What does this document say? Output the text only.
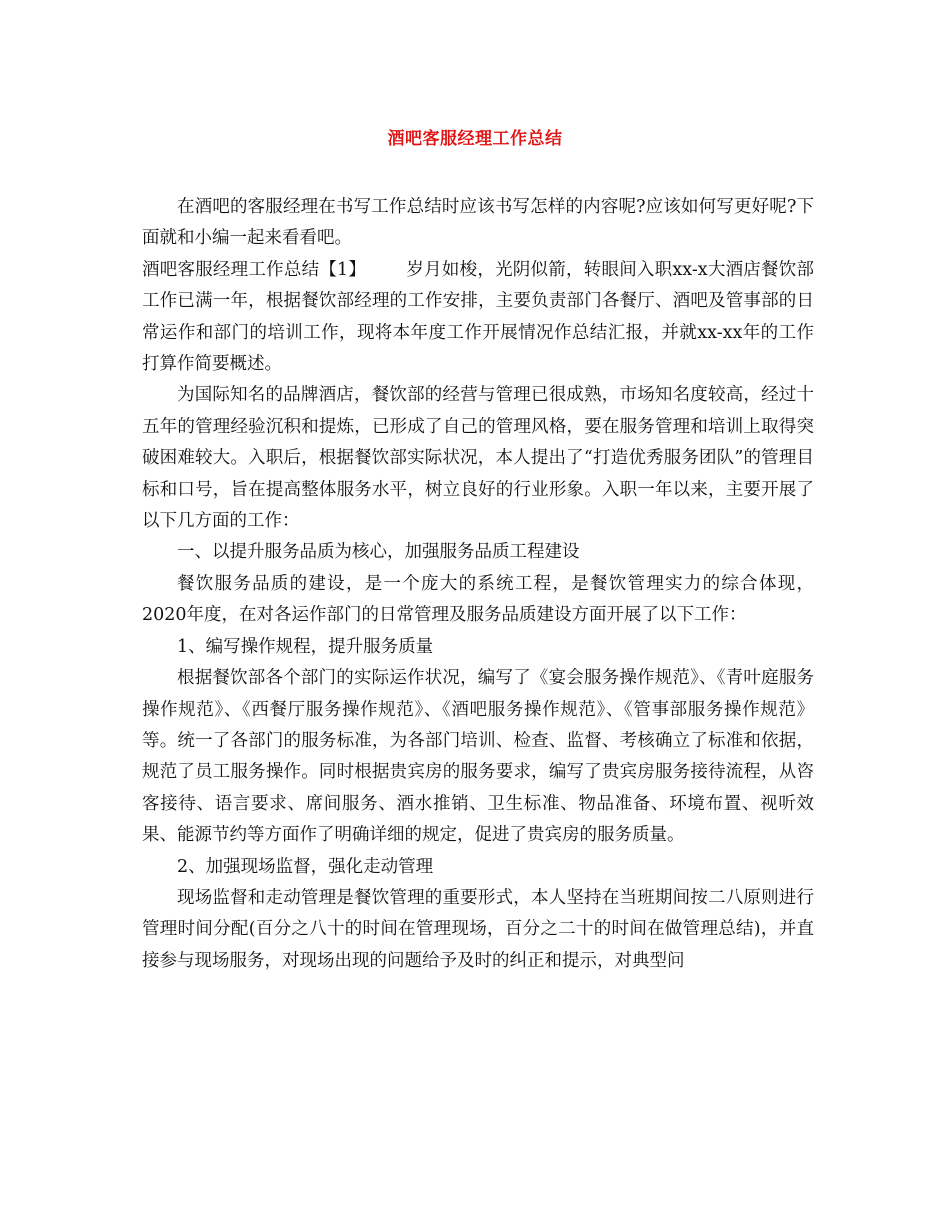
酒吧客服经理工作总结

在酒吧的客服经理在书写工作总结时应该书写怎样的内容呢?应该如何写更好呢?下面就和小编一起来看看吧。

酒吧客服经理工作总结【1】 岁月如梭，光阴似箭，转眼间入职xx-x大酒店餐饮部工作已满一年，根据餐饮部经理的工作安排，主要负责部门各餐厅、酒吧及管事部的日常运作和部门的培训工作，现将本年度工作开展情况作总结汇报，并就xx-xx年的工作打算作简要概述。

为国际知名的品牌酒店，餐饮部的经营与管理已很成熟，市场知名度较高，经过十五年的管理经验沉积和提炼，已形成了自己的管理风格，要在服务管理和培训上取得突破困难较大。入职后，根据餐饮部实际状况，本人提出了“打造优秀服务团队”的管理目标和口号，旨在提高整体服务水平，树立良好的行业形象。入职一年以来，主要开展了以下几方面的工作：

一、以提升服务品质为核心，加强服务品质工程建设

餐饮服务品质的建设，是一个庞大的系统工程，是餐饮管理实力的综合体现，2020年度，在对各运作部门的日常管理及服务品质建设方面开展了以下工作：

1、编写操作规程，提升服务质量

根据餐饮部各个部门的实际运作状况，编写了《宴会服务操作规范》、《青叶庭服务操作规范》、《西餐厅服务操作规范》、《酒吧服务操作规范》、《管事部服务操作规范》等。统一了各部门的服务标准，为各部门培训、检查、监督、考核确立了标准和依据，规范了员工服务操作。同时根据贵宾房的服务要求，编写了贵宾房服务接待流程，从咨客接待、语言要求、席间服务、酒水推销、卫生标准、物品准备、环境布置、视听效果、能源节约等方面作了明确详细的规定，促进了贵宾房的服务质量。

2、加强现场监督，强化走动管理

现场监督和走动管理是餐饮管理的重要形式，本人坚持在当班期间按二八原则进行管理时间分配(百分之八十的时间在管理现场，百分之二十的时间在做管理总结)，并直接参与现场服务，对现场出现的问题给予及时的纠正和提示，对典型问
